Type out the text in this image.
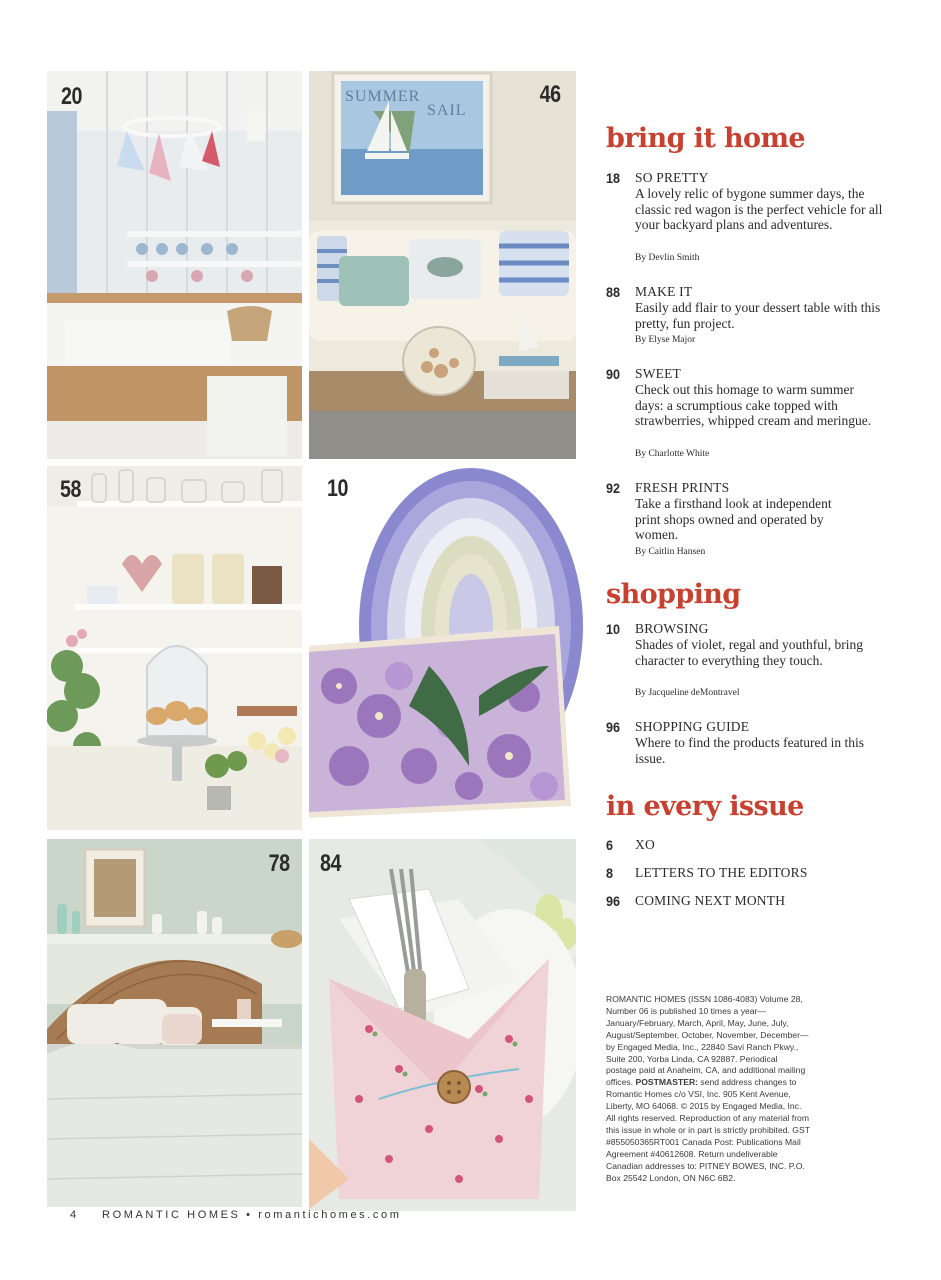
20	SUMMER
SAIL
46
58	10
78 84
bring it home
18 SO PRETTY
A lovely relic of bygone summer days, the classic red wagon is the perfect vehicle for all your backyard plans and adventures.
By Devlin Smith
88 MAKE IT
Easily add flair to your dessert table with this pretty, fun project.
By Elyse Major
90 SWEET
Check out this homage to warm summer days: a scrumptious cake topped with strawberries, whipped cream and meringue.
By Charlotte White
92 FRESH PRINTS
Take a firsthand look at independent print shops owned and operated by women.
By Caitlin Hansen
shopping
10 BROWSING
Shades of violet, regal and youthful, bring character to everything they touch.
By Jacqueline deMontravel
96 SHOPPING GUIDE
Where to find the products featured in this issue.
in every issue
6 XO
8 LETTERS TO THE EDITORS
96 COMING NEXT MONTH
ROMANTIC HOMES (ISSN 1086-4083) Volume 28, Number 06 is published 10 times a year—January/February, March, April, May, June, July, August/September, October, November, December—by Engaged Media, Inc., 22840 Savi Ranch Pkwy., Suite 200, Yorba Linda, CA 92887. Periodical postage paid at Anaheim, CA, and additional mailing offices. POSTMASTER: send address changes to Romantic Homes c/o VSI, Inc. 905 Kent Avenue, Liberty, MO 64068. © 2015 by Engaged Media, Inc. All rights reserved. Reproduction of any material from this issue in whole or in part is strictly prohibited. GST #855050365RT001 Canada Post: Publications Mail Agreement #40612608. Return undeliverable Canadian addresses to: PITNEY BOWES, INC. P.O. Box 25542 London, ON N6C 6B2.
4 ROMANTIC HOMES • romantichomes.com
